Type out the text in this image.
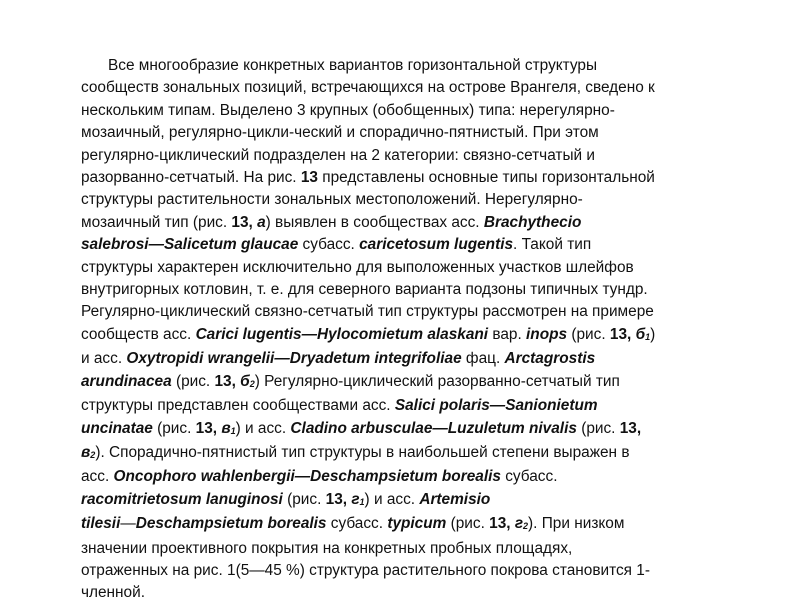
Все многообразие конкретных вариантов горизонтальной структуры
сообществ зональных позиций, встречающихся на острове Врангеля, сведено к
нескольким типам. Выделено 3 крупных (обобщенных) типа: нерегулярно-
мозаичный, регулярно-цикли-ческий и спорадично-пятнистый. При этом
регулярно-циклический подразделен на 2 категории: связно-сетчатый и
разорванно-сетчатый. На рис. 13 представлены основные типы горизонтальной
структуры растительности зональных местоположений. Нерегулярно-
мозаичный тип (рис. 13, а) выявлен в сообществах асс. Brachythecio
salebrosi—Salicetum glaucae субасс. caricetosum lugentis. Такой тип
структуры характерен исключительно для выположенных участков шлейфов
внутригорных котловин, т. е. для северного варианта подзоны типичных тундр.
Регулярно-циклический связно-сетчатый тип структуры рассмотрен на примере
сообществ асс. Carici lugentis—Hylocomietum alaskani вар. inops (рис. 13, б1)
и асс. Oxytropidi wrangelii—Dryadetum integrifoliae фац. Arctagrostis
arundinacea (рис. 13, б2) Регулярно-циклический разорванно-сетчатый тип
структуры представлен сообществами асс. Salici polaris—Sanionietum
uncinatae (рис. 13, в1) и асс. Cladino arbusculae—Luzuletum nivalis (рис. 13,
в2). Спорадично-пятнистый тип структуры в наибольшей степени выражен в
асс. Oncophoro wahlenbergii—Deschampsietum borealis субасс.
racomitrietosum lanuginosi (рис. 13, г1) и асс. Artemisio
tilesii—Deschampsietum borealis субасс. typicum (рис. 13, г2). При низком
значении проективного покрытия на конкретных пробных площадях,
отраженных на рис. 1(5—45 %) структура растительного покрова становится 1-
членной.
